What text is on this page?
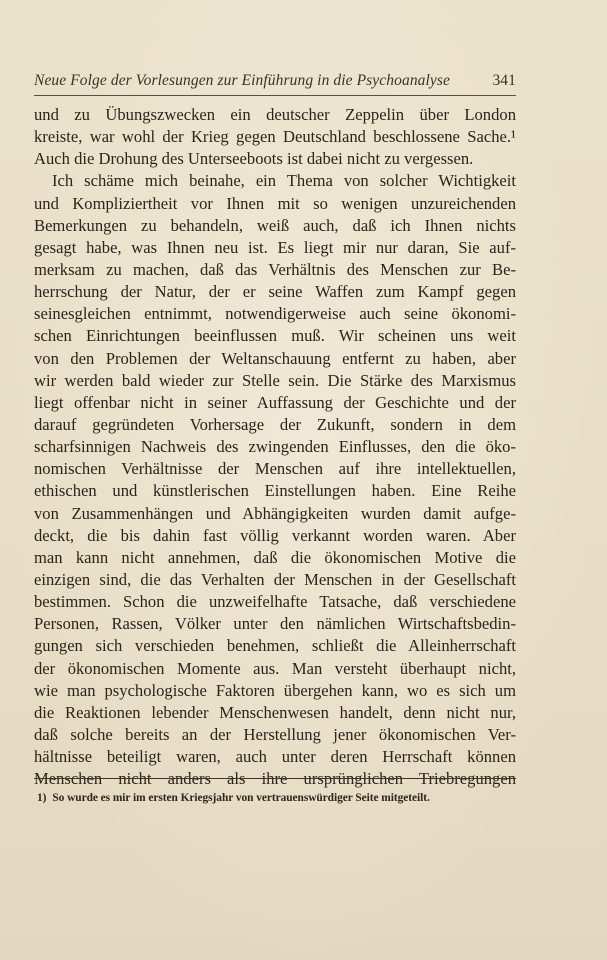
Neue Folge der Vorlesungen zur Einführung in die Psychoanalyse	341
und zu Übungszwecken ein deutscher Zeppelin über London
kreiste, war wohl der Krieg gegen Deutschland beschlossene Sache.¹
Auch die Drohung des Unterseeboots ist dabei nicht zu vergessen.
Ich schäme mich beinahe, ein Thema von solcher Wichtigkeit
und Kompliziertheit vor Ihnen mit so wenigen unzureichenden
Bemerkungen zu behandeln, weiß auch, daß ich Ihnen nichts
gesagt habe, was Ihnen neu ist. Es liegt mir nur daran, Sie auf-
merksam zu machen, daß das Verhältnis des Menschen zur Be-
herrschung der Natur, der er seine Waffen zum Kampf gegen
seinesgleichen entnimmt, notwendigerweise auch seine ökonomi-
schen Einrichtungen beeinflussen muß. Wir scheinen uns weit
von den Problemen der Weltanschauung entfernt zu haben, aber
wir werden bald wieder zur Stelle sein. Die Stärke des Marxismus
liegt offenbar nicht in seiner Auffassung der Geschichte und der
darauf gegründeten Vorhersage der Zukunft, sondern in dem
scharfsinnigen Nachweis des zwingenden Einflusses, den die öko-
nomischen Verhältnisse der Menschen auf ihre intellektuellen,
ethischen und künstlerischen Einstellungen haben. Eine Reihe
von Zusammenhängen und Abhängigkeiten wurden damit aufge-
deckt, die bis dahin fast völlig verkannt worden waren. Aber
man kann nicht annehmen, daß die ökonomischen Motive die
einzigen sind, die das Verhalten der Menschen in der Gesellschaft
bestimmen. Schon die unzweifelhafte Tatsache, daß verschiedene
Personen, Rassen, Völker unter den nämlichen Wirtschaftsbedin-
gungen sich verschieden benehmen, schließt die Alleinherrschaft
der ökonomischen Momente aus. Man versteht überhaupt nicht,
wie man psychologische Faktoren übergehen kann, wo es sich um
die Reaktionen lebender Menschenwesen handelt, denn nicht nur,
daß solche bereits an der Herstellung jener ökonomischen Ver-
hältnisse beteiligt waren, auch unter deren Herrschaft können
Menschen nicht anders als ihre ursprünglichen Triebregungen
1) So wurde es mir im ersten Kriegsjahr von vertrauenswürdiger Seite mitgeteilt.
